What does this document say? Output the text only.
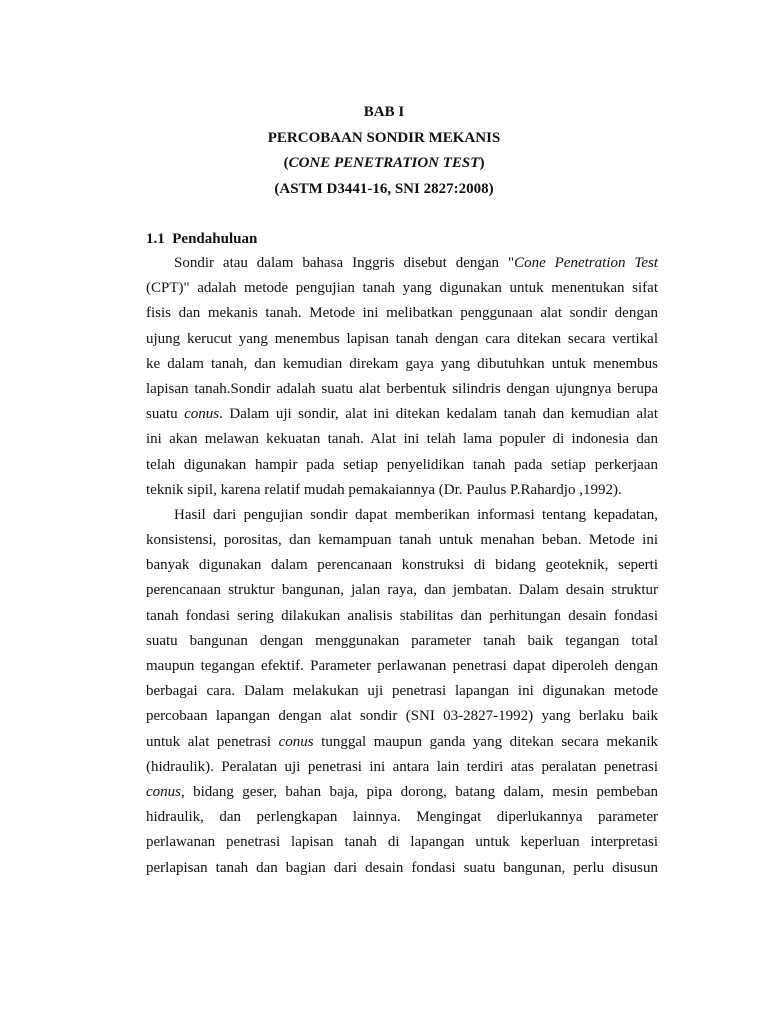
BAB I
PERCOBAAN SONDIR MEKANIS
(CONE PENETRATION TEST)
(ASTM D3441-16, SNI 2827:2008)
1.1 Pendahuluan
Sondir atau dalam bahasa Inggris disebut dengan "Cone Penetration Test
(CPT)" adalah metode pengujian tanah yang digunakan untuk menentukan sifat
fisis dan mekanis tanah. Metode ini melibatkan penggunaan alat sondir dengan
ujung kerucut yang menembus lapisan tanah dengan cara ditekan secara vertikal
ke dalam tanah, dan kemudian direkam gaya yang dibutuhkan untuk menembus
lapisan tanah.Sondir adalah suatu alat berbentuk silindris dengan ujungnya berupa
suatu conus. Dalam uji sondir, alat ini ditekan kedalam tanah dan kemudian alat
ini akan melawan kekuatan tanah. Alat ini telah lama populer di indonesia dan
telah digunakan hampir pada setiap penyelidikan tanah pada setiap perkerjaan
teknik sipil, karena relatif mudah pemakaiannya (Dr. Paulus P.Rahardjo ,1992).
Hasil dari pengujian sondir dapat memberikan informasi tentang kepadatan,
konsistensi, porositas, dan kemampuan tanah untuk menahan beban. Metode ini
banyak digunakan dalam perencanaan konstruksi di bidang geoteknik, seperti
perencanaan struktur bangunan, jalan raya, dan jembatan. Dalam desain struktur
tanah fondasi sering dilakukan analisis stabilitas dan perhitungan desain fondasi
suatu bangunan dengan menggunakan parameter tanah baik tegangan total
maupun tegangan efektif. Parameter perlawanan penetrasi dapat diperoleh dengan
berbagai cara. Dalam melakukan uji penetrasi lapangan ini digunakan metode
percobaan lapangan dengan alat sondir (SNI 03-2827-1992) yang berlaku baik
untuk alat penetrasi conus tunggal maupun ganda yang ditekan secara mekanik
(hidraulik). Peralatan uji penetrasi ini antara lain terdiri atas peralatan penetrasi
conus, bidang geser, bahan baja, pipa dorong, batang dalam, mesin pembeban
hidraulik, dan perlengkapan lainnya. Mengingat diperlukannya parameter
perlawanan penetrasi lapisan tanah di lapangan untuk keperluan interpretasi
perlapisan tanah dan bagian dari desain fondasi suatu bangunan, perlu disusun
